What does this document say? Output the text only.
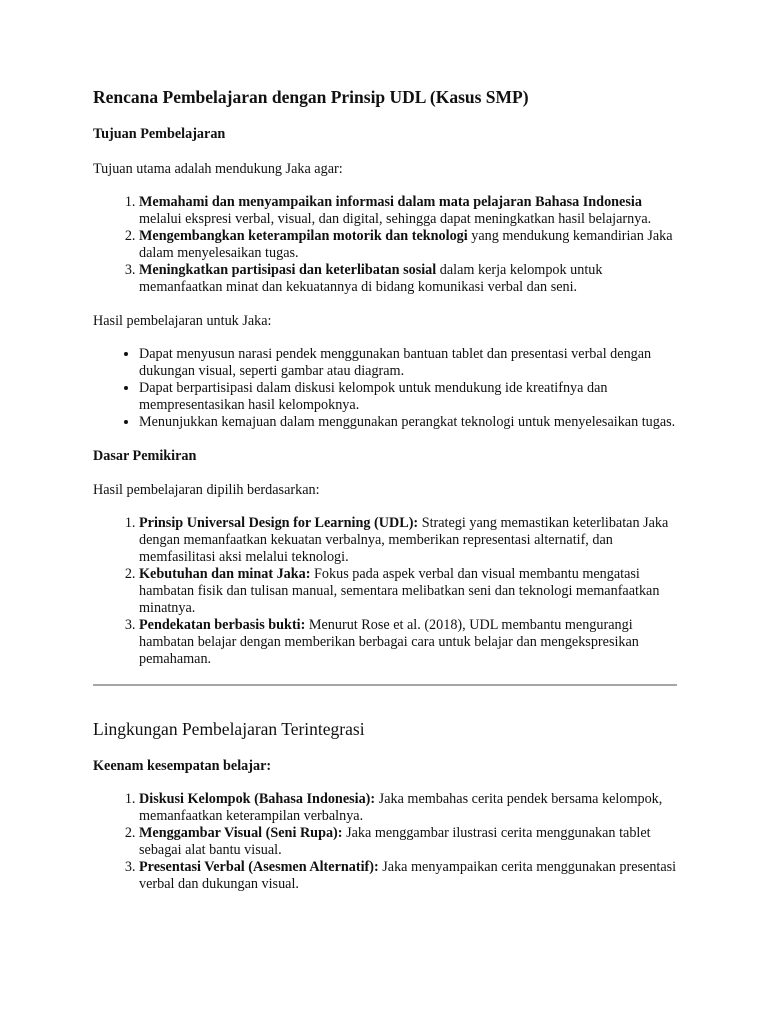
Rencana Pembelajaran dengan Prinsip UDL (Kasus SMP)
Tujuan Pembelajaran
Tujuan utama adalah mendukung Jaka agar:
1. Memahami dan menyampaikan informasi dalam mata pelajaran Bahasa Indonesia melalui ekspresi verbal, visual, dan digital, sehingga dapat meningkatkan hasil belajarnya.
2. Mengembangkan keterampilan motorik dan teknologi yang mendukung kemandirian Jaka dalam menyelesaikan tugas.
3. Meningkatkan partisipasi dan keterlibatan sosial dalam kerja kelompok untuk memanfaatkan minat dan kekuatannya di bidang komunikasi verbal dan seni.
Hasil pembelajaran untuk Jaka:
• Dapat menyusun narasi pendek menggunakan bantuan tablet dan presentasi verbal dengan dukungan visual, seperti gambar atau diagram.
• Dapat berpartisipasi dalam diskusi kelompok untuk mendukung ide kreatifnya dan mempresentasikan hasil kelompoknya.
• Menunjukkan kemajuan dalam menggunakan perangkat teknologi untuk menyelesaikan tugas.
Dasar Pemikiran
Hasil pembelajaran dipilih berdasarkan:
1. Prinsip Universal Design for Learning (UDL): Strategi yang memastikan keterlibatan Jaka dengan memanfaatkan kekuatan verbalnya, memberikan representasi alternatif, dan memfasilitasi aksi melalui teknologi.
2. Kebutuhan dan minat Jaka: Fokus pada aspek verbal dan visual membantu mengatasi hambatan fisik dan tulisan manual, sementara melibatkan seni dan teknologi memanfaatkan minatnya.
3. Pendekatan berbasis bukti: Menurut Rose et al. (2018), UDL membantu mengurangi hambatan belajar dengan memberikan berbagai cara untuk belajar dan mengekspresikan pemahaman.
Lingkungan Pembelajaran Terintegrasi
Keenam kesempatan belajar:
1. Diskusi Kelompok (Bahasa Indonesia): Jaka membahas cerita pendek bersama kelompok, memanfaatkan keterampilan verbalnya.
2. Menggambar Visual (Seni Rupa): Jaka menggambar ilustrasi cerita menggunakan tablet sebagai alat bantu visual.
3. Presentasi Verbal (Asesmen Alternatif): Jaka menyampaikan cerita menggunakan presentasi verbal dan dukungan visual.
